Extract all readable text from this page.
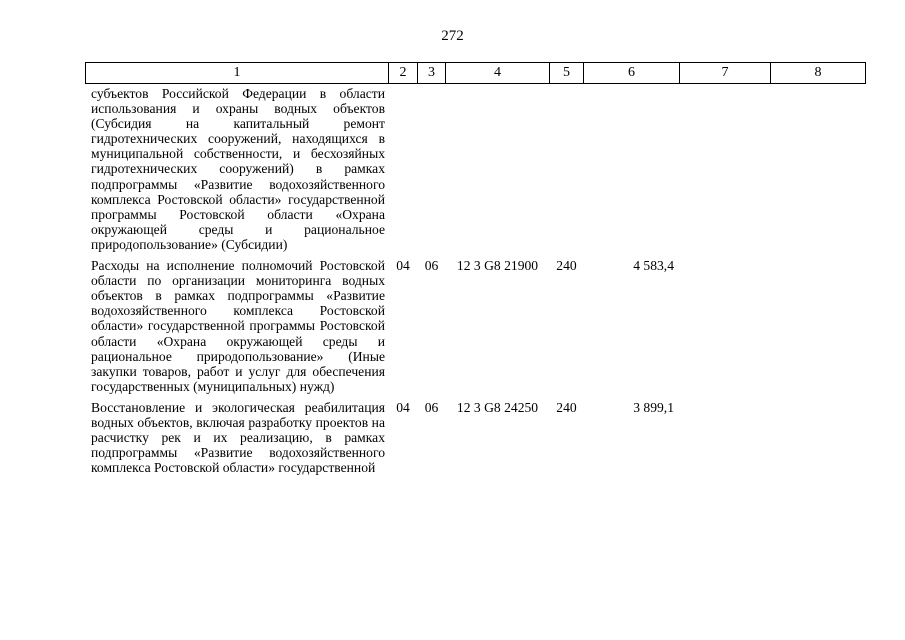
272
1	2	3	4	5	6	7	8
субъектов Российской Федерации в области использования и охраны водных объектов (Субсидия на капитальный ремонт гидротехнических сооружений, находящихся в муниципальной собственности, и бесхозяйных гидротехнических сооружений) в рамках подпрограммы «Развитие водохозяйственного комплекса Ростовской области» государственной программы Ростовской области «Охрана окружающей среды и рациональное природопользование» (Субсидии)							
Расходы на исполнение полномочий Ростовской области по организации мониторинга водных объектов в рамках подпрограммы «Развитие водохозяйственного комплекса Ростовской области» государственной программы Ростовской области «Охрана окружающей среды и рациональное природопользование» (Иные закупки товаров, работ и услуг для обеспечения государственных (муниципальных) нужд)	04	06	12 3 G8 21900	240	4 583,4		
Восстановление и экологическая реабилитация водных объектов, включая разработку проектов на расчистку рек и их реализацию, в рамках подпрограммы «Развитие водохозяйственного комплекса Ростовской области» государственной	04	06	12 3 G8 24250	240	3 899,1		
